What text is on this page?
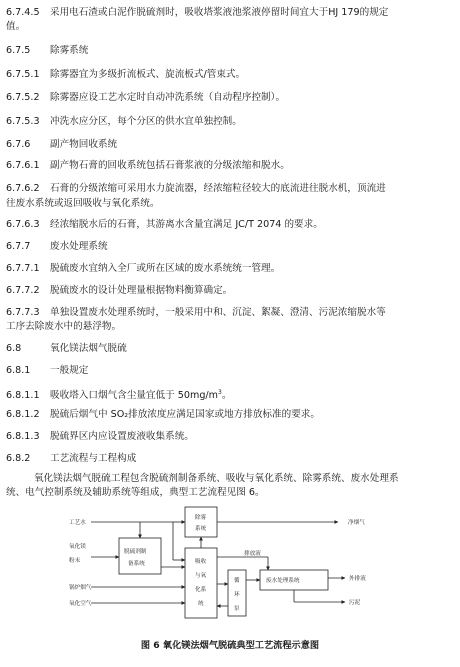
6.7.4.5 采用电石渣或白泥作脱硫剂时，吸收塔浆液池浆液停留时间宜大于HJ 179的规定
值。
6.7.5 除雾系统
6.7.5.1 除雾器宜为多级折流板式、旋流板式/管束式。
6.7.5.2 除雾器应设工艺水定时自动冲洗系统（自动程序控制）。
6.7.5.3 冲洗水应分区，每个分区的供水宜单独控制。
6.7.6 副产物回收系统
6.7.6.1 副产物石膏的回收系统包括石膏浆液的分级浓缩和脱水。
6.7.6.2 石膏的分级浓缩可采用水力旋流器，经浓缩粒径较大的底流进往脱水机，顶流进
往废水系统或返回吸收与氧化系统。
6.7.6.3 经浓缩脱水后的石膏，其游离水含量宜满足 JC/T 2074 的要求。
6.7.7 废水处理系统
6.7.7.1 脱硫废水宜纳入全厂或所在区域的废水系统统一管理。
6.7.7.2 脱硫废水的设计处理量根据物料衡算确定。
6.7.7.3 单独设置废水处理系统时，一般采用中和、沉淀、絮凝、澄清、污泥浓缩脱水等
工序去除废水中的悬浮物。
6.8	氧化镁法烟气脱硫
6.8.1 一般规定
6.8.1.1 吸收塔入口烟气含尘量宜低于 $50mg/m^3$。
6.8.1.2 脱硫后烟气中 SO₂排放浓度应满足国家或地方排放标准的要求。
6.8.1.3 脱硫界区内应设置废液收集系统。
6.8.2 工艺流程与工程构成
氧化镁法烟气脱硫工程包含脱硫剂制备系统、吸收与氧化系统、除雾系统、废水处理系
统、电气控制系统及辅助系统等组成，典型工艺流程见图 6。
工艺水
氧化镁
粉末
锅炉烟气
氧化空气
脱硫剂制
备系统
除雾
系统
吸收
与氧
化系
统
循
环
泵
废水处理系统
净烟气
排放液
外排液
污泥
图 6 氧化镁法烟气脱硫典型工艺流程示意图
